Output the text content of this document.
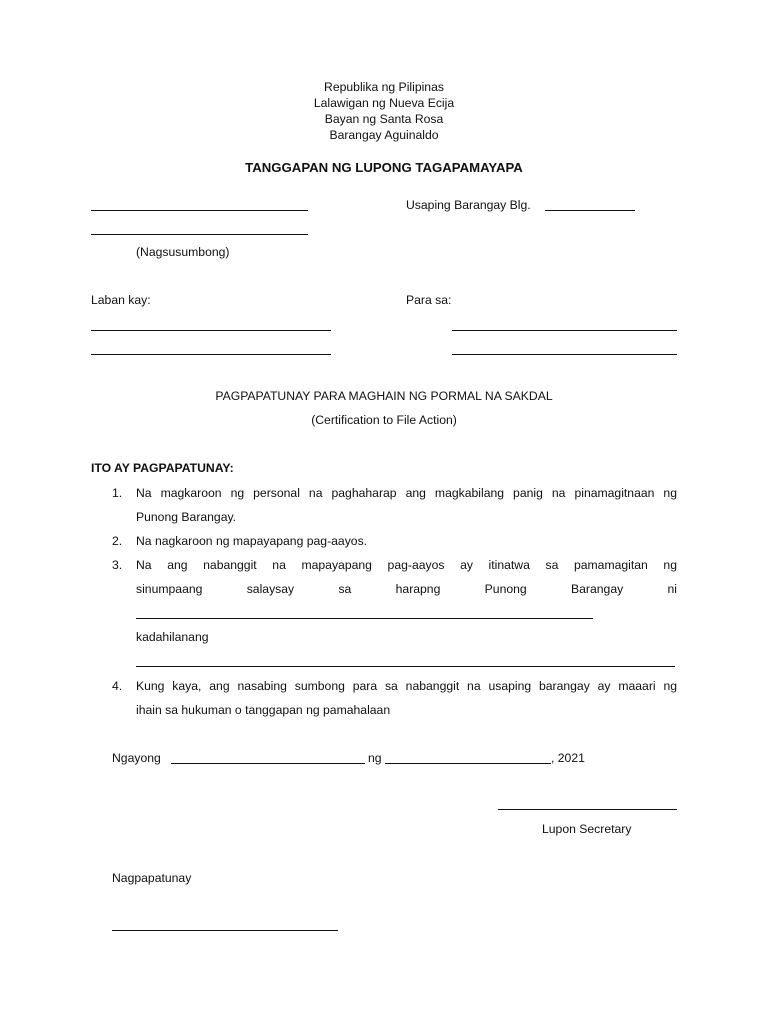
Republika ng Pilipinas
Lalawigan ng Nueva Ecija
Bayan ng Santa Rosa
Barangay Aguinaldo
TANGGAPAN NG LUPONG TAGAPAMAYAPA
(Nagsusumbong)
Usaping Barangay Blg.
Laban kay:	Para sa:
PAGPAPATUNAY PARA MAGHAIN NG PORMAL NA SAKDAL
(Certification to File Action)
ITO AY PAGPAPATUNAY:
1. Na magkaroon ng personal na paghaharap ang magkabilang panig na pinamagitnaan ng
Punong Barangay.
2. Na nagkaroon ng mapayapang pag-aayos.
3. Na ang nabanggit na mapayapang pag-aayos ay itinatwa sa pamamagitan ng
sinumpaang salaysay sa harapng Punong Barangay ni
kadahilanang
4. Kung kaya, ang nasabing sumbong para sa nabanggit na usaping barangay ay maaari ng
ihain sa hukuman o tanggapan ng pamahalaan
Ngayong	ng	, 2021
Lupon Secretary
Nagpapatunay
